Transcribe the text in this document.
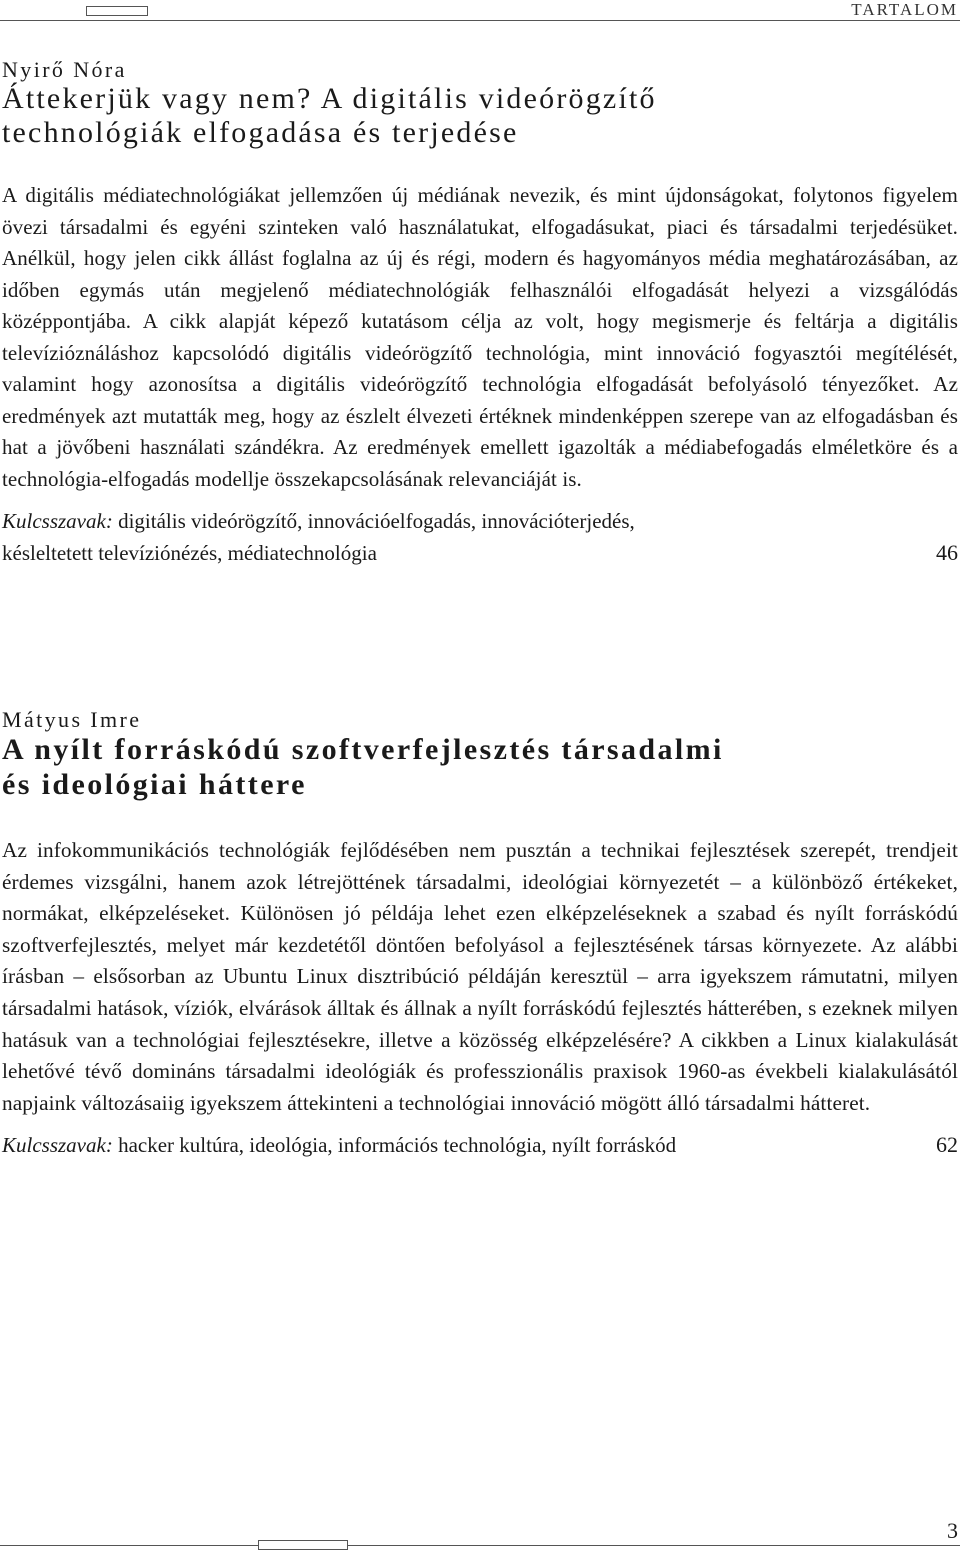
TARTALOM
Nyirő Nóra
Áttekerjük vagy nem? A digitális videórögzítő
technológiák elfogadása és terjedése
A digitális médiatechnológiákat jellemzően új médiának nevezik, és mint újdonságokat, folytonos figyelem övezi társadalmi és egyéni szinteken való használatukat, elfogadásukat, piaci és társadalmi terjedésüket. Anélkül, hogy jelen cikk állást foglalna az új és régi, modern és hagyományos média meghatározásában, az időben egymás után megjelenő médiatechnológiák felhasználói elfogadását helyezi a vizsgálódás középpontjába. A cikk alapját képező kutatásom célja az volt, hogy megismerje és feltárja a digitális televízióználáshoz kapcsolódó digitális videórögzítő technológia, mint innováció fogyasztói megítélését, valamint hogy azonosítsa a digitális videórögzítő technológia elfogadását befolyásoló tényezőket. Az eredmények azt mutatták meg, hogy az észlelt élvezeti értéknek mindenképpen szerepe van az elfogadásban és hat a jövőbeni használati szándékra. Az eredmények emellett igazolták a médiabefogadás elméletköre és a technológia-elfogadás modellje összekapcsolásának relevanciáját is.
Kulcsszavak: digitális videórögzítő, innovációelfogadás, innovációterjedés,
késleltetett televíziónézés, médiatechnológia	46
Mátyus Imre
A nyílt forráskódú szoftverfejlesztés társadalmi
és ideológiai háttere
Az infokommunikációs technológiák fejlődésében nem pusztán a technikai fejlesztések szerepét, trendjeit érdemes vizsgálni, hanem azok létrejöttének társadalmi, ideológiai környezetét – a különböző értékeket, normákat, elképzeléseket. Különösen jó példája lehet ezen elképzeléseknek a szabad és nyílt forráskódú szoftverfejlesztés, melyet már kezdetétől döntően befolyásol a fejlesztésének társas környezete. Az alábbi írásban – elsősorban az Ubuntu Linux disztribúció példáján keresztül – arra igyekszem rámutatni, milyen társadalmi hatások, víziók, elvárások álltak és állnak a nyílt forráskódú fejlesztés hátterében, s ezeknek milyen hatásuk van a technológiai fejlesztésekre, illetve a közösség elképzelésére? A cikkben a Linux kialakulását lehetővé tévő domináns társadalmi ideológiák és professzionális praxisok 1960-as évekbeli kialakulásától napjaink változásaiig igyekszem áttekinteni a technológiai innováció mögött álló társadalmi hátteret.
Kulcsszavak: hacker kultúra, ideológia, információs technológia, nyílt forráskód	62
3
